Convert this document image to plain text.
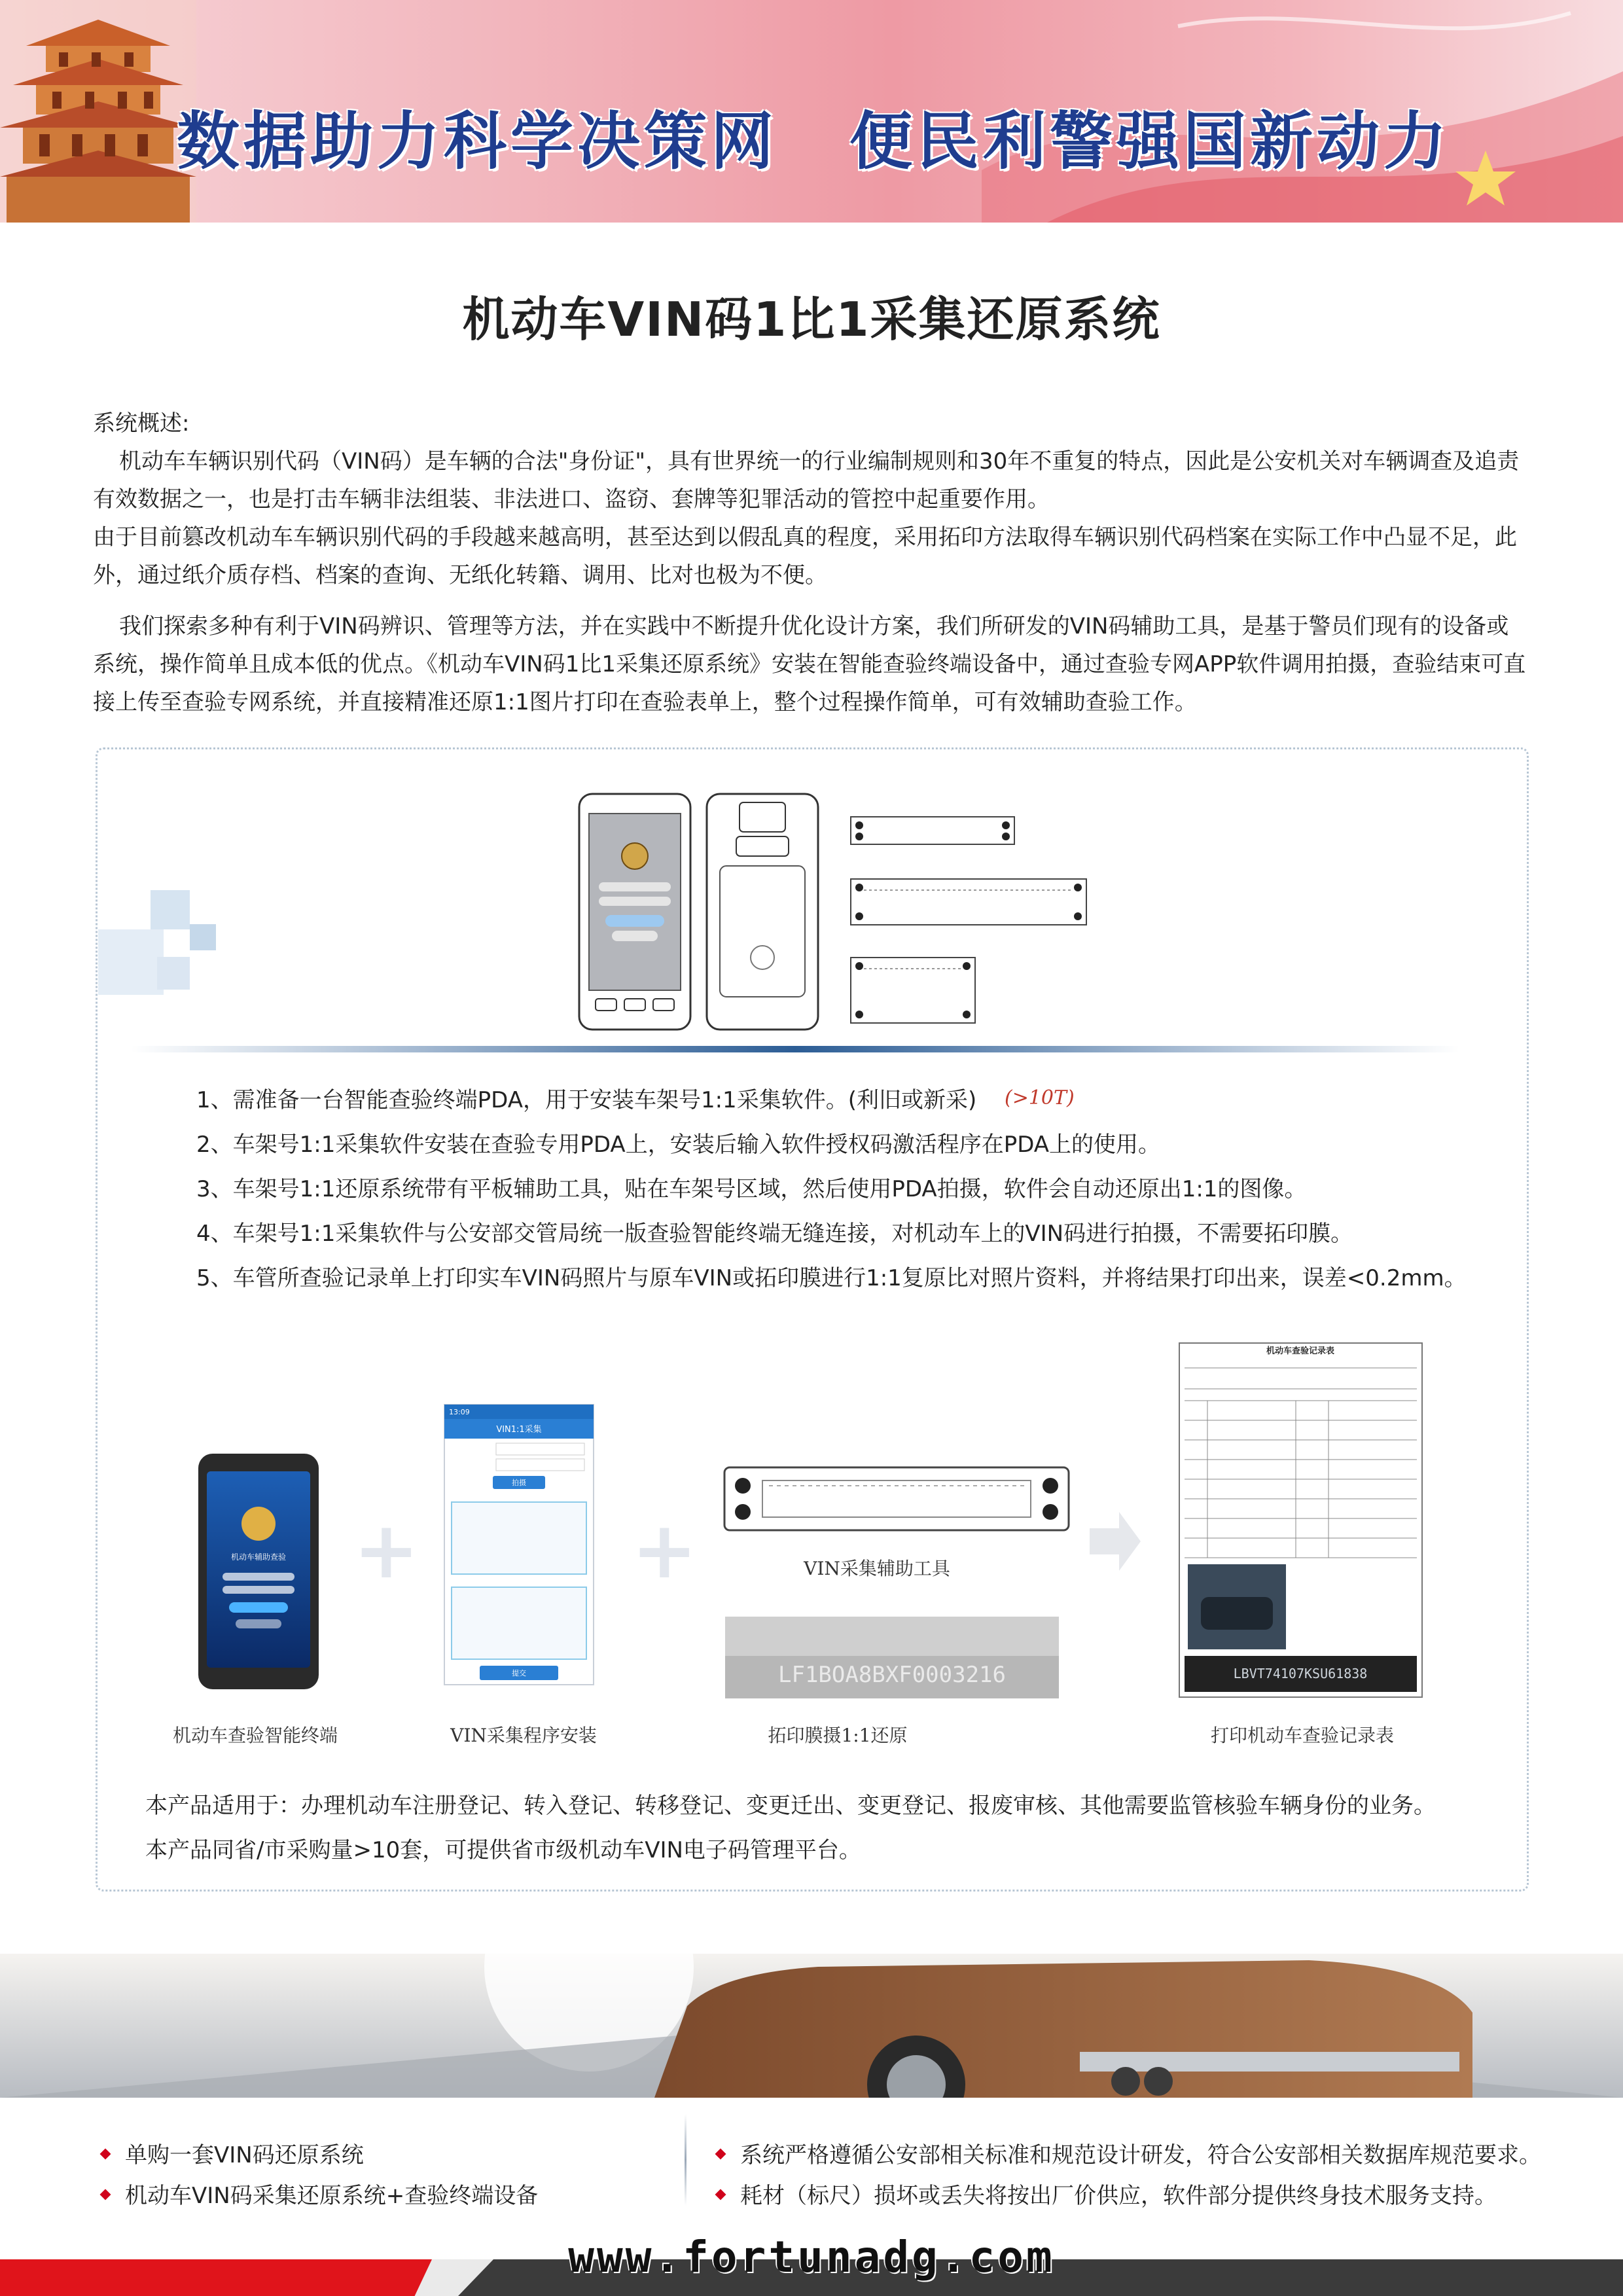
数据助力科学决策网 便民利警强国新动力
机动车VIN码1比1采集还原系统
系统概述:
机动车车辆识别代码（VIN码）是车辆的合法"身份证"，具有世界统一的行业编制规则和30年不重复的特点，因此是公安机关对车辆调查及追责有效数据之一，也是打击车辆非法组装、非法进口、盗窃、套牌等犯罪活动的管控中起重要作用。
由于目前篡改机动车车辆识别代码的手段越来越高明，甚至达到以假乱真的程度，采用拓印方法取得车辆识别代码档案在实际工作中凸显不足，此外，通过纸介质存档、档案的查询、无纸化转籍、调用、比对也极为不便。
我们探索多种有利于VIN码辨识、管理等方法，并在实践中不断提升优化设计方案，我们所研发的VIN码辅助工具，是基于警员们现有的设备或系统，操作简单且成本低的优点。《机动车VIN码1比1采集还原系统》安装在智能查验终端设备中，通过查验专网APP软件调用拍摄，查验结束可直接上传至查验专网系统，并直接精准还原1:1图片打印在查验表单上，整个过程操作简单，可有效辅助查验工作。
1、需准备一台智能查验终端PDA，用于安装车架号1:1采集软件。(利旧或新采) (>10T)
2、车架号1:1采集软件安装在查验专用PDA上，安装后输入软件授权码激活程序在PDA上的使用。
3、车架号1:1还原系统带有平板辅助工具，贴在车架号区域，然后使用PDA拍摄，软件会自动还原出1:1的图像。
4、车架号1:1采集软件与公安部交管局统一版查验智能终端无缝连接，对机动车上的VIN码进行拍摄，不需要拓印膜。
5、车管所查验记录单上打印实车VIN码照片与原车VIN或拓印膜进行1:1复原比对照片资料，并将结果打印出来，误差<0.2mm。
机动车辅助查验 +
13:09
VIN1:1采集
拍摄
提交
+	VIN采集辅助工具
LF1BOA8BXF0003216
机动车查验记录表
LBVT74107KSU61838
机动车查验智能终端	VIN采集程序安装	拓印膜摄1:1还原	打印机动车查验记录表
本产品适用于：办理机动车注册登记、转入登记、转移登记、变更迁出、变更登记、报废审核、其他需要监管核验车辆身份的业务。
本产品同省/市采购量>10套，可提供省市级机动车VIN电子码管理平台。
单购一套VIN码还原系统
机动车VIN码采集还原系统+查验终端设备
系统严格遵循公安部相关标准和规范设计研发，符合公安部相关数据库规范要求。
耗材（标尺）损坏或丢失将按出厂价供应，软件部分提供终身技术服务支持。
www.fortunadg.com
